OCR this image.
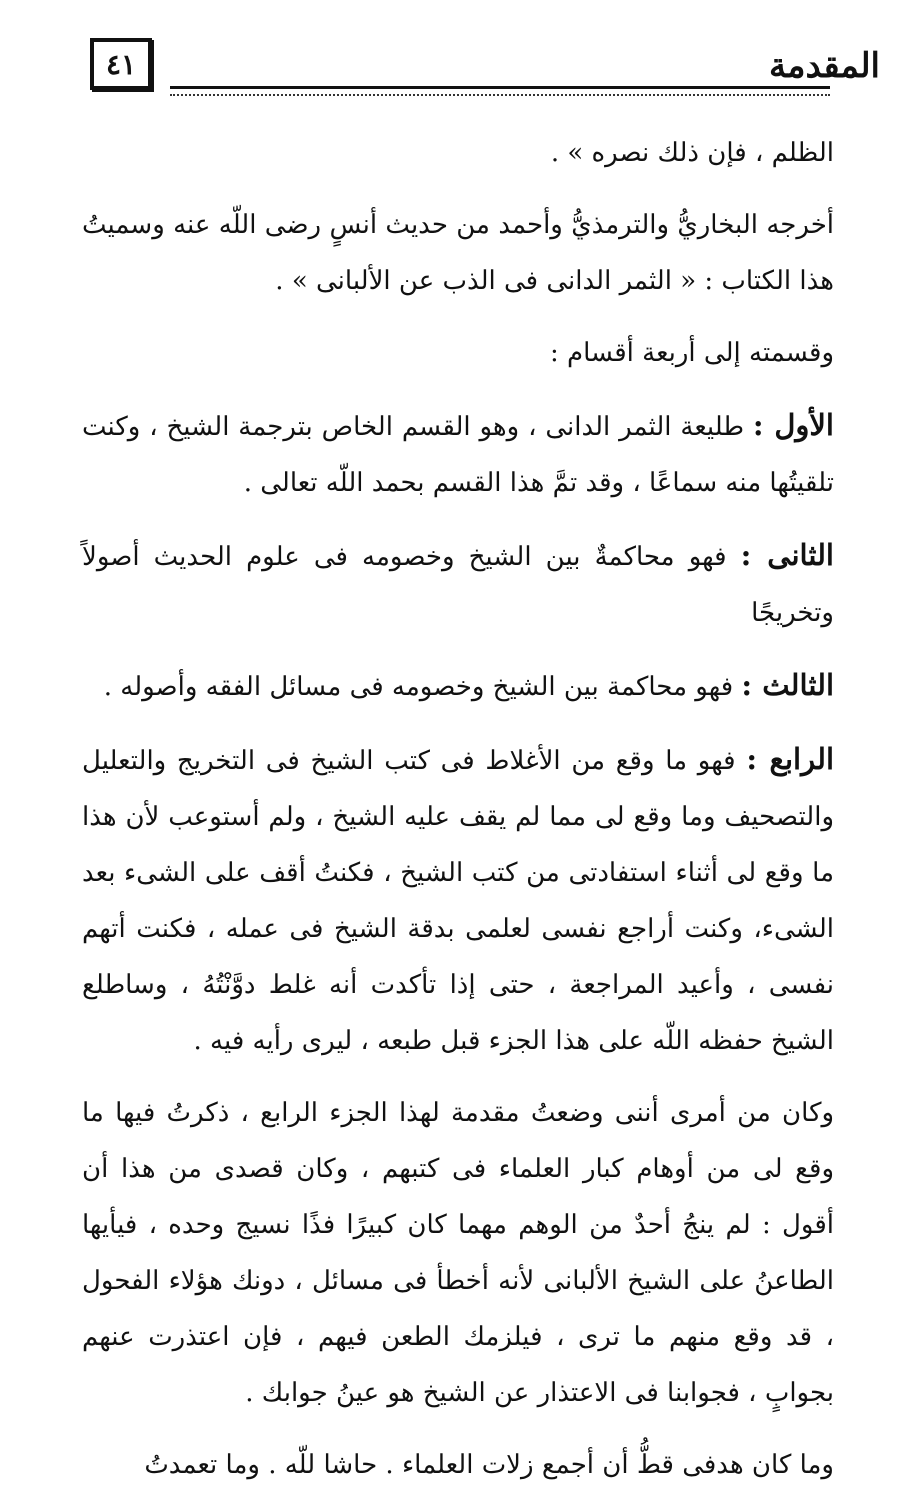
٤١	المقدمة

الظلم ، فإن ذلك نصره » .

أخرجه البخاريُّ والترمذيُّ وأحمد من حديث أنسٍ رضى اللّه عنه وسميتُ هذا الكتاب : « الثمر الدانى فى الذب عن الألبانى » .

وقسمته إلى أربعة أقسام :

الأول : طليعة الثمر الدانى ، وهو القسم الخاص بترجمة الشيخ ، وكنت تلقيتُها منه سماعًا ، وقد تمَّ هذا القسم بحمد اللّه تعالى .

الثانى : فهو محاكمةٌ بين الشيخ وخصومه فى علوم الحديث أصولاً وتخريجًا

الثالث : فهو محاكمة بين الشيخ وخصومه فى مسائل الفقه وأصوله .

الرابع : فهو ما وقع من الأغلاط فى كتب الشيخ فى التخريج والتعليل والتصحيف وما وقع لى مما لم يقف عليه الشيخ ، ولم أستوعب لأن هذا ما وقع لى أثناء استفادتى من كتب الشيخ ، فكنتُ أقف على الشىء بعد الشىء، وكنت أراجع نفسى لعلمى بدقة الشيخ فى عمله ، فكنت أتهم نفسى ، وأعيد المراجعة ، حتى إذا تأكدت أنه غلط دوَّنْتُهُ ، وساطلع الشيخ حفظه اللّه على هذا الجزء قبل طبعه ، ليرى رأيه فيه .

وكان من أمرى أننى وضعتُ مقدمة لهذا الجزء الرابع ، ذكرتُ فيها ما وقع لى من أوهام كبار العلماء فى كتبهم ، وكان قصدى من هذا أن أقول : لم ينجُ أحدٌ من الوهم مهما كان كبيرًا فذًا نسيج وحده ، فيأيها الطاعنُ على الشيخ الألبانى لأنه أخطأ فى مسائل ، دونك هؤلاء الفحول ، قد وقع منهم ما ترى ، فيلزمك الطعن فيهم ، فإن اعتذرت عنهم بجوابٍ ، فجوابنا فى الاعتذار عن الشيخ هو عينُ جوابك .

وما كان هدفى قطُّ أن أجمع زلات العلماء . حاشا للّه . وما تعمدتُ
